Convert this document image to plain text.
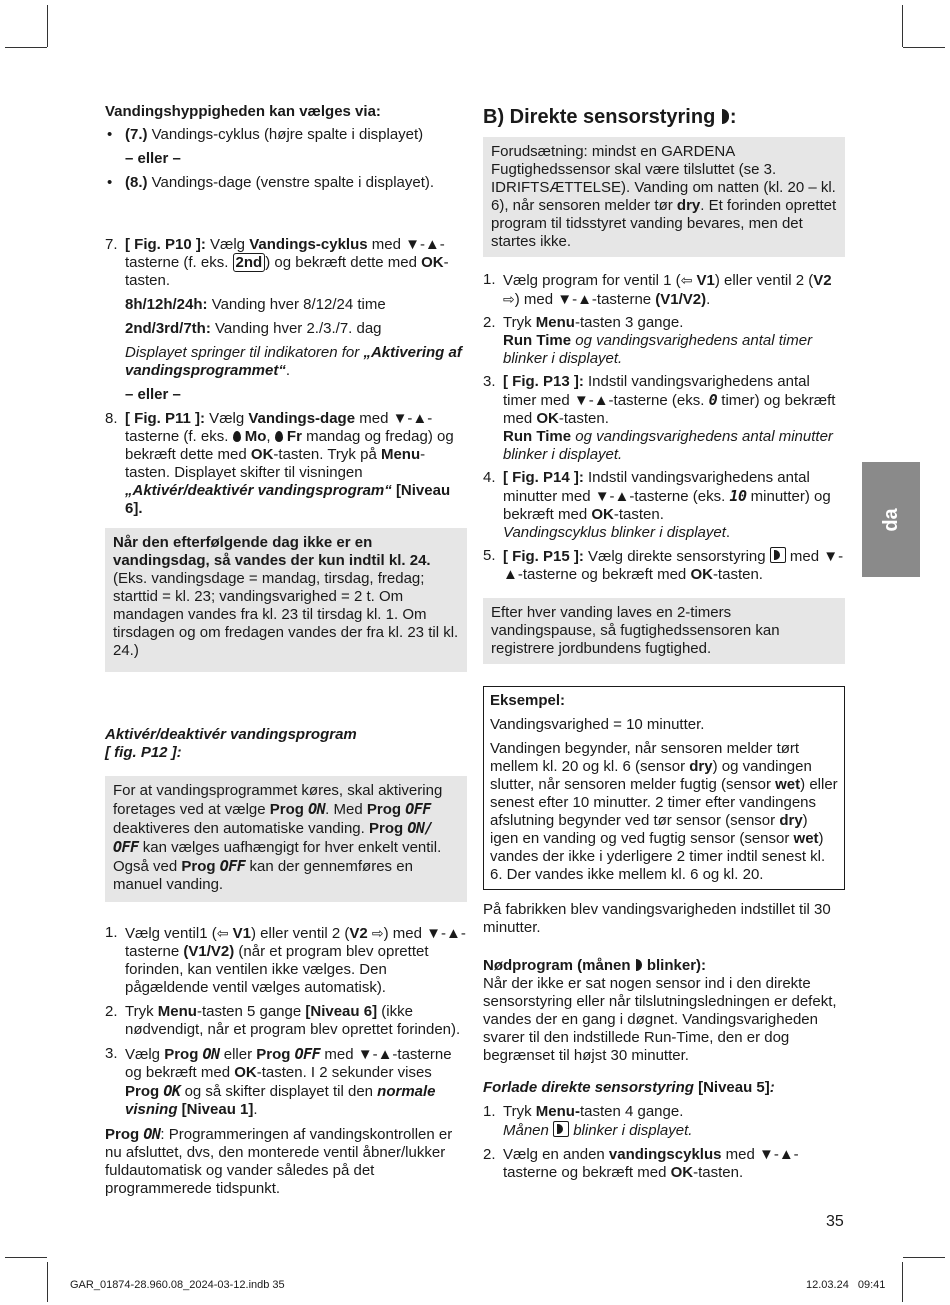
Vandingshyppigheden kan vælges via:

• (7.) Vandings-cyklus (højre spalte i displayet)

– eller –

• (8.) Vandings-dage (venstre spalte i displayet).
7. [ Fig. P10 ]: Vælg Vandings-cyklus med ▼-▲-tasterne (f. eks. 2nd ) og bekræft dette med OK-tasten.

8h/12h/24h: Vanding hver 8/12/24 time

2nd/3rd/7th: Vanding hver 2./3./7. dag

Displayet springer til indikatoren for „Aktivering af vandingsprogrammet“.

– eller –

8. [ Fig. P11 ]: Vælg Vandings-dage med ▼-▲-tasterne (f. eks.  Mo,  Fr mandag og fredag) og bekræft dette med OK-tasten. Tryk på Menu-tasten. Displayet skifter til visningen „Aktivér/deaktivér vandingsprogram“ [Niveau 6].

Når den efterfølgende dag ikke er en vandingsdag, så vandes der kun indtil kl. 24.

(Eks. vandingsdage = mandag, tirsdag, fredag; starttid = kl. 23; vandingsvarighed = 2 t. Om mandagen vandes fra kl. 23 til tirsdag kl. 1. Om tirsdagen og om fredagen vandes der fra kl. 23 til kl. 24.)

Aktivér/deaktivér vandingsprogram
[ fig. P12 ]:

For at vandingsprogrammet køres, skal aktivering foretages ved at vælge Prog ON. Med Prog OFF deaktiveres den automatiske vanding. Prog ON/ OFF kan vælges uafhængigt for hver enkelt ventil. Også ved Prog OFF kan der gennemføres en manuel vanding.
1. Vælg ventil1 (⇦ V1) eller ventil 2 (V2 ⇨) med ▼-▲-tasterne (V1/V2) (når et program blev oprettet forinden, kan ventilen ikke vælges. Den pågældende ventil vælges automatisk).
2. Tryk Menu-tasten 5 gange [Niveau 6] (ikke nødvendigt, når et program blev oprettet forinden).
3. Vælg Prog ON eller Prog OFF med ▼-▲-tasterne og bekræft med OK-tasten. I 2 sekunder vises Prog OK og så skifter displayet til den normale visning [Niveau 1].

Prog ON: Programmeringen af vandingskontrollen er nu afsluttet, dvs, den monterede ventil åbner/lukker fuldautomatisk og vander således på det programmerede tidspunkt.

B) Direkte sensorstyring :

Forudsætning: mindst en GARDENA Fugtighedssensor skal være tilsluttet (se 3. IDRIFTSÆTTELSE). Vanding om natten (kl. 20 – kl. 6), når sensoren melder tør dry. Et forinden oprettet program til tidsstyret vanding bevares, men det startes ikke.
1. Vælg program for ventil 1 (⇦ V1) eller ventil 2 (V2 ⇨) med ▼-▲-tasterne (V1/V2).
2. Tryk Menu-tasten 3 gange.
Run Time og vandingsvarighedens antal timer blinker i displayet.
3. [ Fig. P13 ]: Indstil vandingsvarighedens antal timer med ▼-▲-tasterne (eks. 0 timer) og bekræft med OK-tasten.
Run Time og vandingsvarighedens antal minutter blinker i displayet.
4. [ Fig. P14 ]: Indstil vandingsvarighedens antal minutter med ▼-▲-tasterne (eks. 10 minutter) og bekræft med OK-tasten.
Vandingscyklus blinker i displayet.
5. [ Fig. P15 ]: Vælg direkte sensorstyring  med ▼-▲-tasterne og bekræft med OK-tasten.
Efter hver vanding laves en 2-timers vandingspause, så fugtighedssensoren kan registrere jordbundens fugtighed.

Eksempel:

Vandingsvarighed = 10 minutter.

Vandingen begynder, når sensoren melder tørt mellem kl. 20 og kl. 6 (sensor dry) og vandingen slutter, når sensoren melder fugtig (sensor wet) eller senest efter 10 minutter. 2 timer efter vandingens afslutning begynder ved tør sensor (sensor dry) igen en vanding og ved fugtig sensor (sensor wet) vandes der ikke i yderligere 2 timer indtil senest kl. 6. Der vandes ikke mellem kl. 6 og kl. 20.

På fabrikken blev vandingsvarigheden indstillet til 30 minutter.

Nødprogram (månen  blinker):

Når der ikke er sat nogen sensor ind i den direkte sensorstyring eller når tilslutningsledningen er defekt, vandes der en gang i døgnet. Vandingsvarigheden svarer til den indstillede Run-Time, den er dog begrænset til højst 30 minutter.

Forlade direkte sensorstyring [Niveau 5]:

1. Tryk Menu-tasten 4 gange.
Månen  blinker i displayet.
2. Vælg en anden vandingscyklus med ▼-▲-tasterne og bekræft med OK-tasten.
da
35
GAR_01874-28.960.08_2024-03-12.indb 35	12.03.24 09:41
